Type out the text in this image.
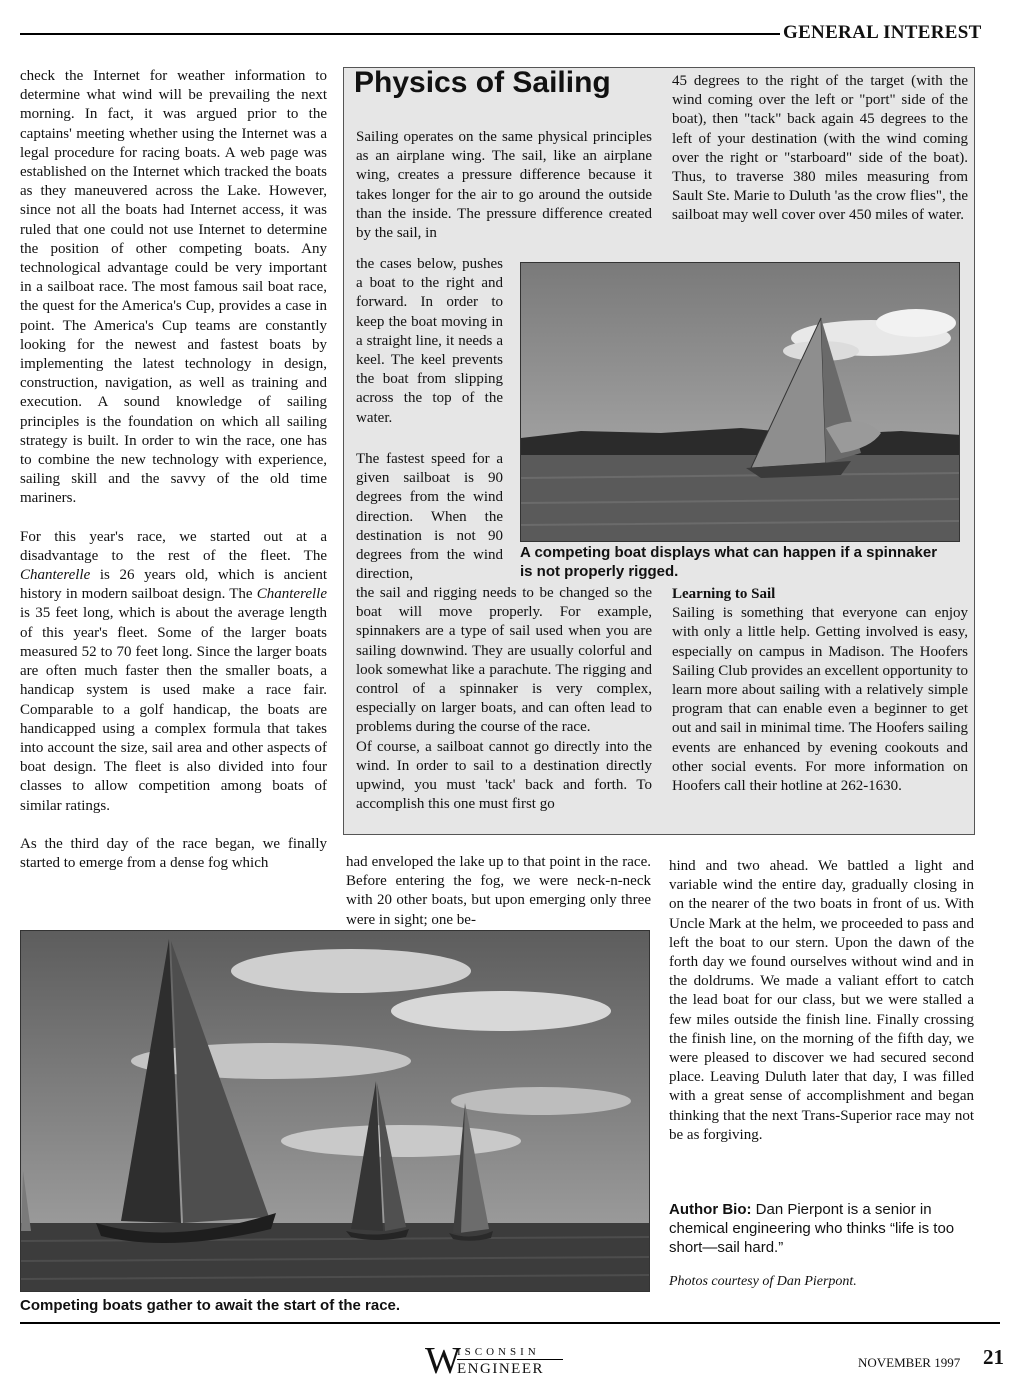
GENERAL INTEREST

check the Internet for weather information to determine what wind will be prevailing the next morning. In fact, it was argued prior to the captains' meeting whether using the Internet was a legal procedure for racing boats. A web page was established on the Internet which tracked the boats as they maneuvered across the Lake. However, since not all the boats had Internet access, it was ruled that one could not use Internet to determine the position of other competing boats. Any technological advantage could be very important in a sailboat race. The most famous sail boat race, the quest for the America's Cup, provides a case in point. The America's Cup teams are constantly looking for the newest and fastest boats by implementing the latest technology in design, construction, navigation, as well as training and execution. A sound knowledge of sailing principles is the foundation on which all sailing strategy is built. In order to win the race, one has to combine the new technology with experience, sailing skill and the savvy of the old time mariners.

For this year's race, we started out at a disadvantage to the rest of the fleet. The Chanterelle is 26 years old, which is ancient history in modern sailboat design. The Chanterelle is 35 feet long, which is about the average length of this year's fleet. Some of the larger boats measured 52 to 70 feet long. Since the larger boats are often much faster then the smaller boats, a handicap system is used make a race fair. Comparable to a golf handicap, the boats are handicapped using a complex formula that takes into account the size, sail area and other aspects of boat design. The fleet is also divided into four classes to allow competition among boats of similar ratings.

As the third day of the race began, we finally started to emerge from a dense fog which

Physics of Sailing
Sailing operates on the same physical principles as an airplane wing. The sail, like an airplane wing, creates a pressure difference because it takes longer for the air to go around the outside than the inside. The pressure difference created by the sail, in
the cases below, pushes a boat to the right and forward. In order to keep the boat moving in a straight line, it needs a keel. The keel prevents the boat from slipping across the top of the water.
The fastest speed for a given sailboat is 90 degrees from the wind direction. When the destination is not 90 degrees from the wind direction,

the sail and rigging needs to be changed so the boat will move properly. For example, spinnakers are a type of sail used when you are sailing downwind. They are usually colorful and look somewhat like a parachute. The rigging and control of a spinnaker is very complex, especially on larger boats, and can often lead to problems during the course of the race.

Of course, a sailboat cannot go directly into the wind. In order to sail to a destination directly upwind, you must 'tack' back and forth. To accomplish this one must first go

45 degrees to the right of the target (with the wind coming over the left or "port" side of the boat), then "tack" back again 45 degrees to the left of your destination (with the wind coming over the right or "starboard" side of the boat). Thus, to traverse 380 miles measuring from Sault Ste. Marie to Duluth 'as the crow flies", the sailboat may well cover over 450 miles of water.
A competing boat displays what can happen if a spinnaker is not properly rigged.
Learning to Sail

Sailing is something that everyone can enjoy with only a little help. Getting involved is easy, especially on campus in Madison. The Hoofers Sailing Club provides an excellent opportunity to learn more about sailing with a relatively simple program that can enable even a beginner to get out and sail in minimal time. The Hoofers sailing events are enhanced by evening cookouts and other social events. For more information on Hoofers call their hotline at 262-1630.

had enveloped the lake up to that point in the race. Before entering the fog, we were neck-n-neck with 20 other boats, but upon emerging only three were in sight; one be-
hind and two ahead. We battled a light and variable wind the entire day, gradually closing in on the nearer of the two boats in front of us. With Uncle Mark at the helm, we proceeded to pass and left the boat to our stern. Upon the dawn of the forth day we found ourselves without wind and in the doldrums. We made a valiant effort to catch the lead boat for our class, but we were stalled a few miles outside the finish line. Finally crossing the finish line, on the morning of the fifth day, we were pleased to discover we had secured second place. Leaving Duluth later that day, I was filled with a great sense of accomplishment and began thinking that the next Trans-Superior race may not be as forgiving.
Competing boats gather to await the start of the race.
Author Bio: Dan Pierpont is a senior in chemical engineering who thinks “life is too short—sail hard.”
Photos courtesy of Dan Pierpont.
W
ISCONSIN
ENGINEER	NOVEMBER 1997 21
